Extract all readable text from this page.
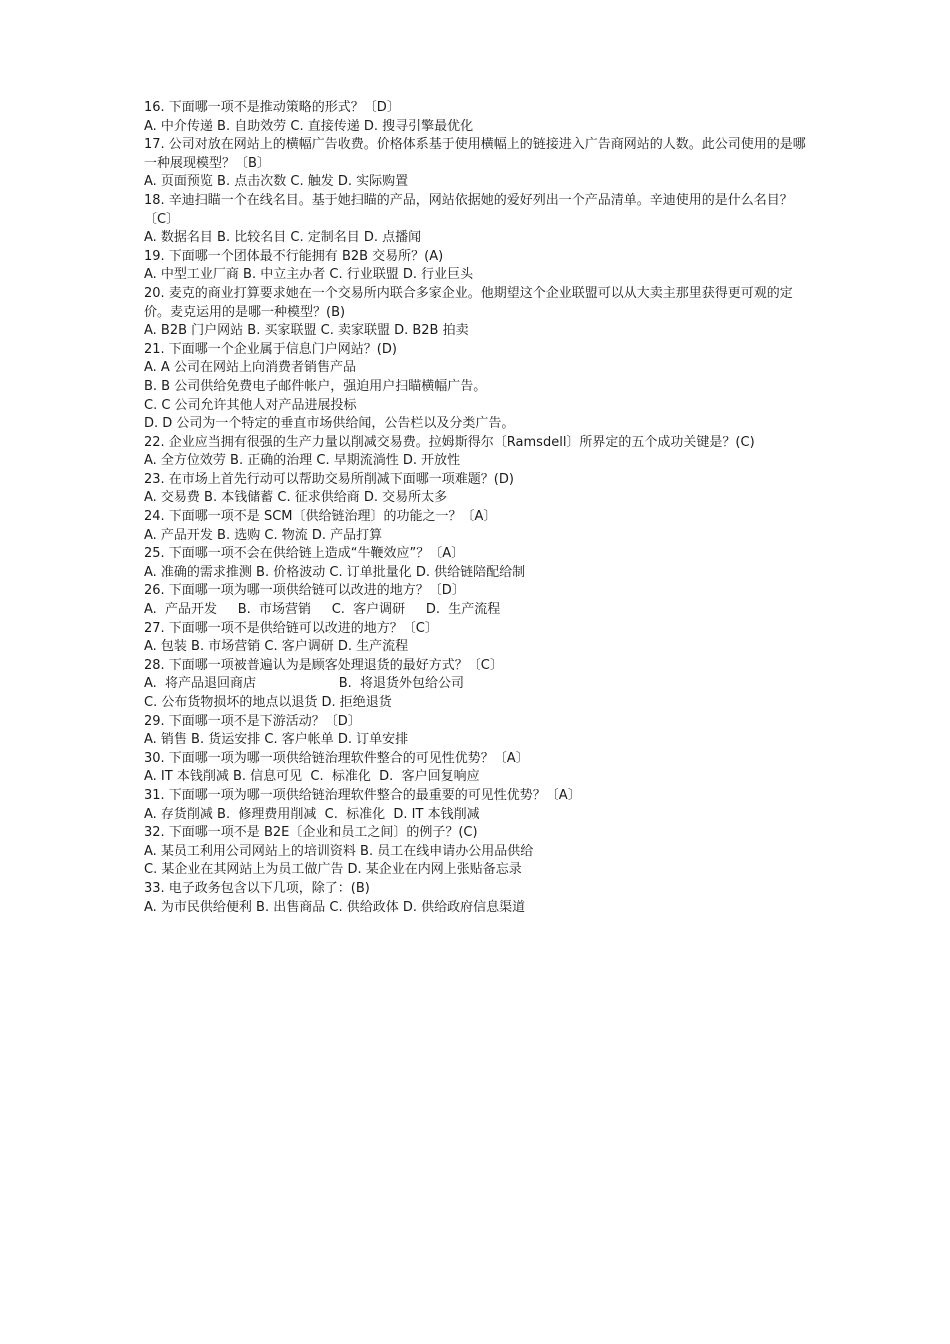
16. 下面哪一项不是推动策略的形式？〔D〕

A. 中介传递 B. 自助效劳 C. 直接传递 D. 搜寻引擎最优化

17. 公司对放在网站上的横幅广告收费。价格体系基于使用横幅上的链接进入广告商网站的人数。此公司使用的是哪一种展现模型？〔B〕

A. 页面预览 B. 点击次数 C. 触发 D. 实际购置

18. 辛迪扫瞄一个在线名目。基于她扫瞄的产品，网站依据她的爱好列出一个产品清单。辛迪使用的是什么名目？〔C〕

A. 数据名目 B. 比较名目 C. 定制名目 D. 点播闻

19. 下面哪一个团体最不行能拥有 B2B 交易所？(A)

A. 中型工业厂商 B. 中立主办者 C. 行业联盟 D. 行业巨头

20. 麦克的商业打算要求她在一个交易所内联合多家企业。他期望这个企业联盟可以从大卖主那里获得更可观的定价。麦克运用的是哪一种模型？(B)

A. B2B 门户网站 B. 买家联盟 C. 卖家联盟 D. B2B 拍卖

21. 下面哪一个企业属于信息门户网站？(D)

A. A 公司在网站上向消费者销售产品

B. B 公司供给免费电子邮件帐户，强迫用户扫瞄横幅广告。

C. C 公司允许其他人对产品进展投标

D. D 公司为一个特定的垂直市场供给闻，公告栏以及分类广告。

22. 企业应当拥有很强的生产力量以削减交易费。拉姆斯得尔〔Ramsdell〕所界定的五个成功关键是？(C)

A. 全方位效劳 B. 正确的治理 C. 早期流淌性 D. 开放性

23. 在市场上首先行动可以帮助交易所削减下面哪一项难题？(D)

A. 交易费 B. 本钱储蓄 C. 征求供给商 D. 交易所太多

24. 下面哪一项不是 SCM〔供给链治理〕的功能之一？〔A〕

A. 产品开发 B. 选购 C. 物流 D. 产品打算

25. 下面哪一项不会在供给链上造成“牛鞭效应”？〔A〕

A. 准确的需求推测 B. 价格波动 C. 订单批量化 D. 供给链陪配给制

26. 下面哪一项为哪一项供给链可以改进的地方？〔D〕

A.  产品开发     B.  市场营销     C.  客户调研     D.  生产流程

27. 下面哪一项不是供给链可以改进的地方？〔C〕

A. 包装 B. 市场营销 C. 客户调研 D. 生产流程

28. 下面哪一项被普遍认为是顾客处理退货的最好方式？〔C〕

A.  将产品退回商店                    B.  将退货外包给公司

C. 公布货物损坏的地点以退货 D. 拒绝退货

29. 下面哪一项不是下游活动？〔D〕

A. 销售 B. 货运安排 C. 客户帐单 D. 订单安排

30. 下面哪一项为哪一项供给链治理软件整合的可见性优势？〔A〕

A. IT 本钱削减 B. 信息可见  C.  标准化  D.  客户回复响应

31. 下面哪一项为哪一项供给链治理软件整合的最重要的可见性优势？〔A〕

A. 存货削减 B.  修理费用削减  C.  标准化  D. IT 本钱削减

32. 下面哪一项不是 B2E〔企业和员工之间〕的例子？(C)

A. 某员工利用公司网站上的培训资料 B. 员工在线申请办公用品供给

C. 某企业在其网站上为员工做广告 D. 某企业在内网上张贴备忘录

33. 电子政务包含以下几项，除了：(B)

A. 为市民供给便利 B. 出售商品 C. 供给政体 D. 供给政府信息渠道
